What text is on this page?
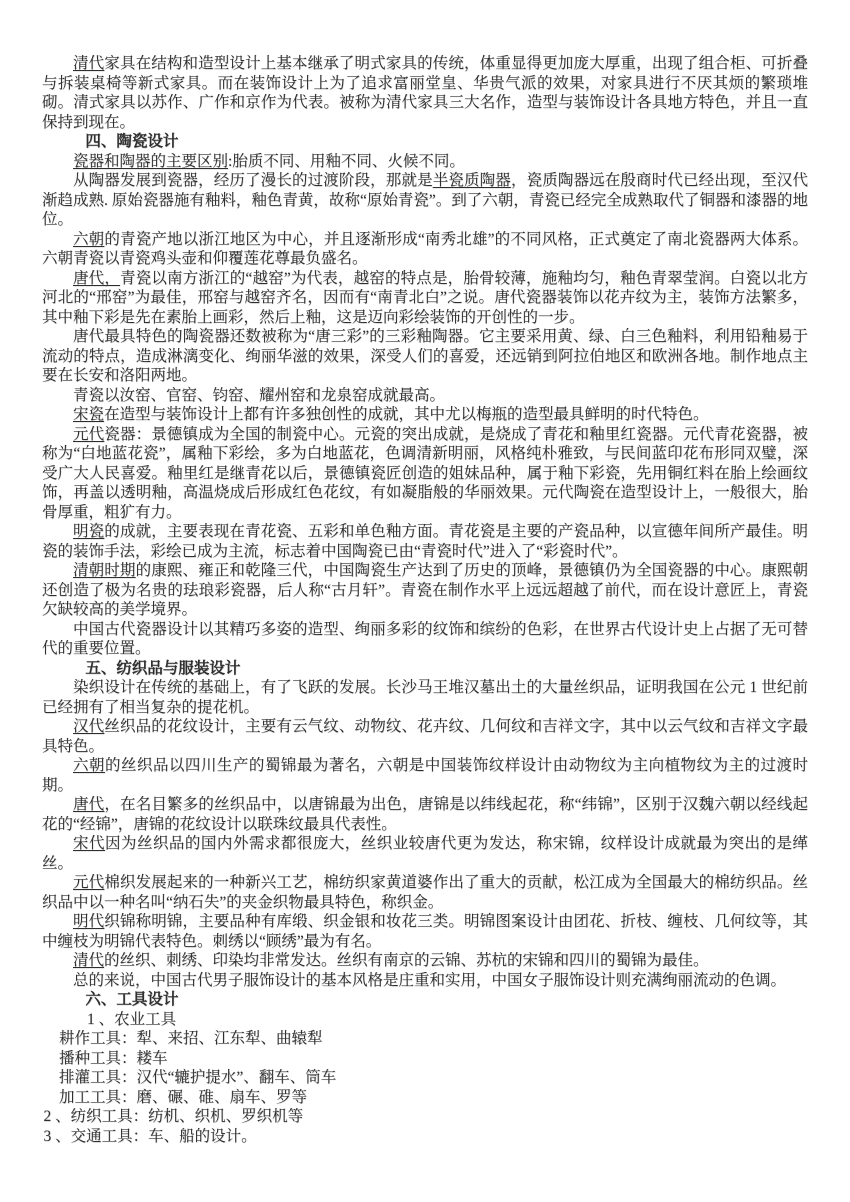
清代家具在结构和造型设计上基本继承了明式家具的传统，体重显得更加庞大厚重，出现了组合柜、可折叠与拆装桌椅等新式家具。而在装饰设计上为了追求富丽堂皇、华贵气派的效果，对家具进行不厌其烦的繁琐堆砌。清式家具以苏作、广作和京作为代表。被称为清代家具三大名作，造型与装饰设计各具地方特色，并且一直保持到现在。

四、陶瓷设计

瓷器和陶器的主要区别:胎质不同、用釉不同、火候不同。

从陶器发展到瓷器，经历了漫长的过渡阶段，那就是半瓷质陶器，瓷质陶器远在殷商时代已经出现，至汉代渐趋成熟. 原始瓷器施有釉料，釉色青黄，故称“原始青瓷”。到了六朝，青瓷已经完全成熟取代了铜器和漆器的地位。

六朝的青瓷产地以浙江地区为中心，并且逐渐形成“南秀北雄”的不同风格，正式奠定了南北瓷器两大体系。六朝青瓷以青瓷鸡头壶和仰覆莲花尊最负盛名。

唐代，青瓷以南方浙江的“越窑”为代表，越窑的特点是，胎骨较薄，施釉均匀，釉色青翠莹润。白瓷以北方河北的“邢窑”为最佳，邢窑与越窑齐名，因而有“南青北白”之说。唐代瓷器装饰以花卉纹为主，装饰方法繁多，其中釉下彩是先在素胎上画彩，然后上釉，这是迈向彩绘装饰的开创性的一步。

唐代最具特色的陶瓷器还数被称为“唐三彩”的三彩釉陶器。它主要采用黄、绿、白三色釉料，利用铅釉易于流动的特点，造成淋漓变化、绚丽华滋的效果，深受人们的喜爱，还远销到阿拉伯地区和欧洲各地。制作地点主要在长安和洛阳两地。

青瓷以汝窑、官窑、钧窑、耀州窑和龙泉窑成就最高。

宋瓷在造型与装饰设计上都有许多独创性的成就，其中尤以梅瓶的造型最具鲜明的时代特色。

元代瓷器：景德镇成为全国的制瓷中心。元瓷的突出成就，是烧成了青花和釉里红瓷器。元代青花瓷器，被称为“白地蓝花瓷”，属釉下彩绘，多为白地蓝花，色调清新明丽，风格纯朴雅致，与民间蓝印花布形同双璧，深受广大人民喜爱。釉里红是继青花以后，景德镇瓷匠创造的姐妹品种，属于釉下彩瓷，先用铜红料在胎上绘画纹饰，再盖以透明釉，高温烧成后形成红色花纹，有如凝脂般的华丽效果。元代陶瓷在造型设计上，一般很大，胎骨厚重，粗犷有力。

明瓷的成就，主要表现在青花瓷、五彩和单色釉方面。青花瓷是主要的产瓷品种，以宣德年间所产最佳。明瓷的装饰手法，彩绘已成为主流，标志着中国陶瓷已由“青瓷时代”进入了“彩瓷时代”。

清朝时期的康熙、雍正和乾隆三代，中国陶瓷生产达到了历史的顶峰，景德镇仍为全国瓷器的中心。康熙朝还创造了极为名贵的珐琅彩瓷器，后人称“古月轩”。青瓷在制作水平上远远超越了前代，而在设计意匠上，青瓷欠缺较高的美学境界。

中国古代瓷器设计以其精巧多姿的造型、绚丽多彩的纹饰和缤纷的色彩，在世界古代设计史上占据了无可替代的重要位置。

五、纺织品与服装设计

染织设计在传统的基础上，有了飞跃的发展。长沙马王堆汉墓出土的大量丝织品，证明我国在公元 1 世纪前已经拥有了相当复杂的提花机。

汉代丝织品的花纹设计，主要有云气纹、动物纹、花卉纹、几何纹和吉祥文字，其中以云气纹和吉祥文字最具特色。

六朝的丝织品以四川生产的蜀锦最为著名，六朝是中国装饰纹样设计由动物纹为主向植物纹为主的过渡时期。

唐代，在名目繁多的丝织品中，以唐锦最为出色，唐锦是以纬线起花，称“纬锦”，区别于汉魏六朝以经线起花的“经锦”，唐锦的花纹设计以联珠纹最具代表性。

宋代因为丝织品的国内外需求都很庞大，丝织业较唐代更为发达，称宋锦，纹样设计成就最为突出的是缂丝。

元代棉织发展起来的一种新兴工艺，棉纺织家黄道婆作出了重大的贡献，松江成为全国最大的棉纺织品。丝织品中以一种名叫“纳石失”的夹金织物最具特色，称织金。

明代织锦称明锦，主要品种有库缎、织金银和妆花三类。明锦图案设计由团花、折枝、缠枝、几何纹等，其中缠枝为明锦代表特色。刺绣以“顾绣”最为有名。

清代的丝织、刺绣、印染均非常发达。丝织有南京的云锦、苏杭的宋锦和四川的蜀锦为最佳。

总的来说，中国古代男子服饰设计的基本风格是庄重和实用，中国女子服饰设计则充满绚丽流动的色调。

六、工具设计

1 、农业工具

耕作工具：犁、来招、江东犁、曲辕犁

播种工具：耧车

排灌工具：汉代“辘护提水”、翻车、筒车

加工工具：磨、碾、碓、扇车、罗等

2 、纺织工具：纺机、织机、罗织机等

3 、交通工具：车、船的设计。
